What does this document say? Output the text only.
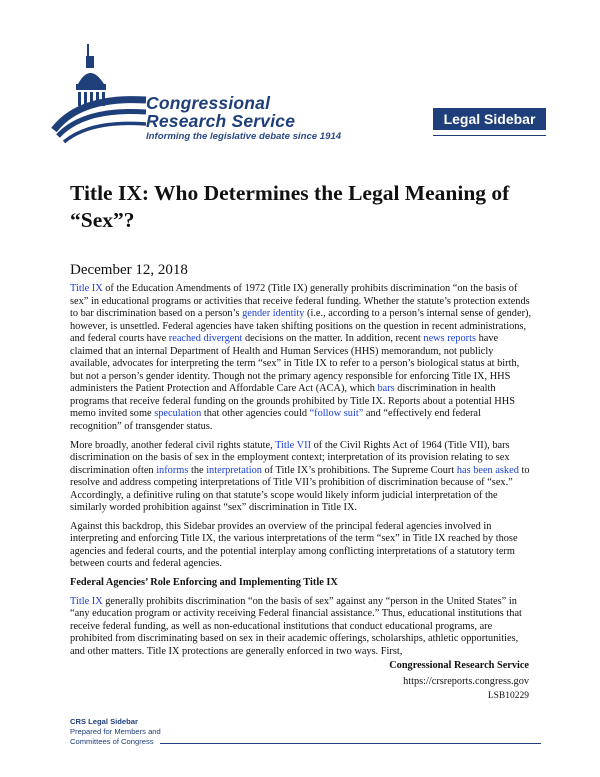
Congressional
Research Service
Informing the legislative debate since 1914
Legal Sidebar
Title IX: Who Determines the Legal Meaning of “Sex”?
December 12, 2018

Title IX of the Education Amendments of 1972 (Title IX) generally prohibits discrimination “on the basis of sex” in educational programs or activities that receive federal funding. Whether the statute’s protection extends to bar discrimination based on a person’s gender identity (i.e., according to a person’s internal sense of gender), however, is unsettled. Federal agencies have taken shifting positions on the question in recent administrations, and federal courts have reached divergent decisions on the matter. In addition, recent news reports have claimed that an internal Department of Health and Human Services (HHS) memorandum, not publicly available, advocates for interpreting the term “sex” in Title IX to refer to a person’s biological status at birth, but not a person’s gender identity. Though not the primary agency responsible for enforcing Title IX, HHS administers the Patient Protection and Affordable Care Act (ACA), which bars discrimination in health programs that receive federal funding on the grounds prohibited by Title IX. Reports about a potential HHS memo invited some speculation that other agencies could “follow suit” and “effectively end federal recognition” of transgender status.

More broadly, another federal civil rights statute, Title VII of the Civil Rights Act of 1964 (Title VII), bars discrimination on the basis of sex in the employment context; interpretation of its provision relating to sex discrimination often informs the interpretation of Title IX’s prohibitions. The Supreme Court has been asked to resolve and address competing interpretations of Title VII’s prohibition of discrimination because of “sex.” Accordingly, a definitive ruling on that statute’s scope would likely inform judicial interpretation of the similarly worded prohibition against “sex” discrimination in Title IX.

Against this backdrop, this Sidebar provides an overview of the principal federal agencies involved in interpreting and enforcing Title IX, the various interpretations of the term “sex” in Title IX reached by those agencies and federal courts, and the potential interplay among conflicting interpretations of a statutory term between courts and federal agencies.

Federal Agencies’ Role Enforcing and Implementing Title IX

Title IX generally prohibits discrimination “on the basis of sex” against any “person in the United States” in “any education program or activity receiving Federal financial assistance.” Thus, educational institutions that receive federal funding, as well as non-educational institutions that conduct educational programs, are prohibited from discriminating based on sex in their academic offerings, scholarships, athletic opportunities, and other matters. Title IX protections are generally enforced in two ways. First,

Congressional Research Service
https://crsreports.congress.gov
LSB10229
CRS Legal Sidebar
Prepared for Members and
Committees of Congress
